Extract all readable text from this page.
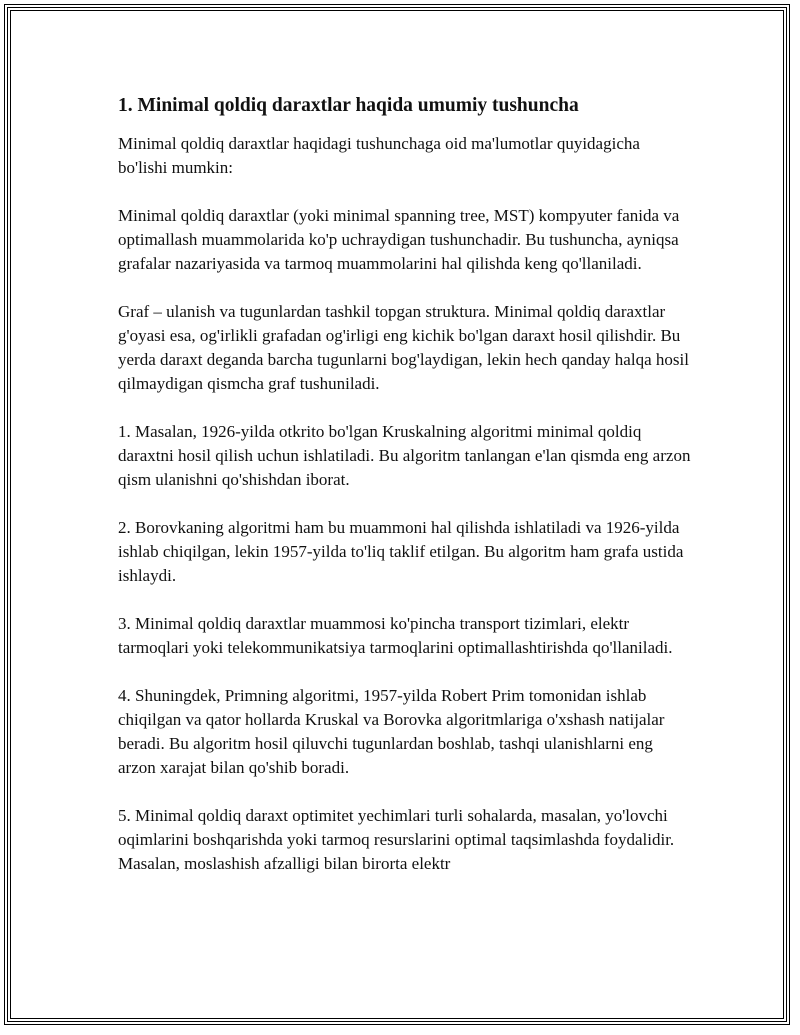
1. Minimal qoldiq daraxtlar haqida umumiy tushuncha

Minimal qoldiq daraxtlar haqidagi tushunchaga oid ma'lumotlar quyidagicha bo'lishi mumkin:

Minimal qoldiq daraxtlar (yoki minimal spanning tree, MST) kompyuter fanida va optimallash muammolarida ko'p uchraydigan tushunchadir. Bu tushuncha, ayniqsa grafalar nazariyasida va tarmoq muammolarini hal qilishda keng qo'llaniladi.

Graf – ulanish va tugunlardan tashkil topgan struktura. Minimal qoldiq daraxtlar g'oyasi esa, og'irlikli grafadan og'irligi eng kichik bo'lgan daraxt hosil qilishdir. Bu yerda daraxt deganda barcha tugunlarni bog'laydigan, lekin hech qanday halqa hosil qilmaydigan qismcha graf tushuniladi.

1. Masalan, 1926-yilda otkrito bo'lgan Kruskalning algoritmi minimal qoldiq daraxtni hosil qilish uchun ishlatiladi. Bu algoritm tanlangan e'lan qismda eng arzon qism ulanishni qo'shishdan iborat.

2. Borovkaning algoritmi ham bu muammoni hal qilishda ishlatiladi va 1926-yilda ishlab chiqilgan, lekin 1957-yilda to'liq taklif etilgan. Bu algoritm ham grafa ustida ishlaydi.

3. Minimal qoldiq daraxtlar muammosi ko'pincha transport tizimlari, elektr tarmoqlari yoki telekommunikatsiya tarmoqlarini optimallashtirishda qo'llaniladi.

4. Shuningdek, Primning algoritmi, 1957-yilda Robert Prim tomonidan ishlab chiqilgan va qator hollarda Kruskal va Borovka algoritmlariga o'xshash natijalar beradi. Bu algoritm hosil qiluvchi tugunlardan boshlab, tashqi ulanishlarni eng arzon xarajat bilan qo'shib boradi.

5. Minimal qoldiq daraxt optimitet yechimlari turli sohalarda, masalan, yo'lovchi oqimlarini boshqarishda yoki tarmoq resurslarini optimal taqsimlashda foydalidir. Masalan, moslashish afzalligi bilan birorta elektr
